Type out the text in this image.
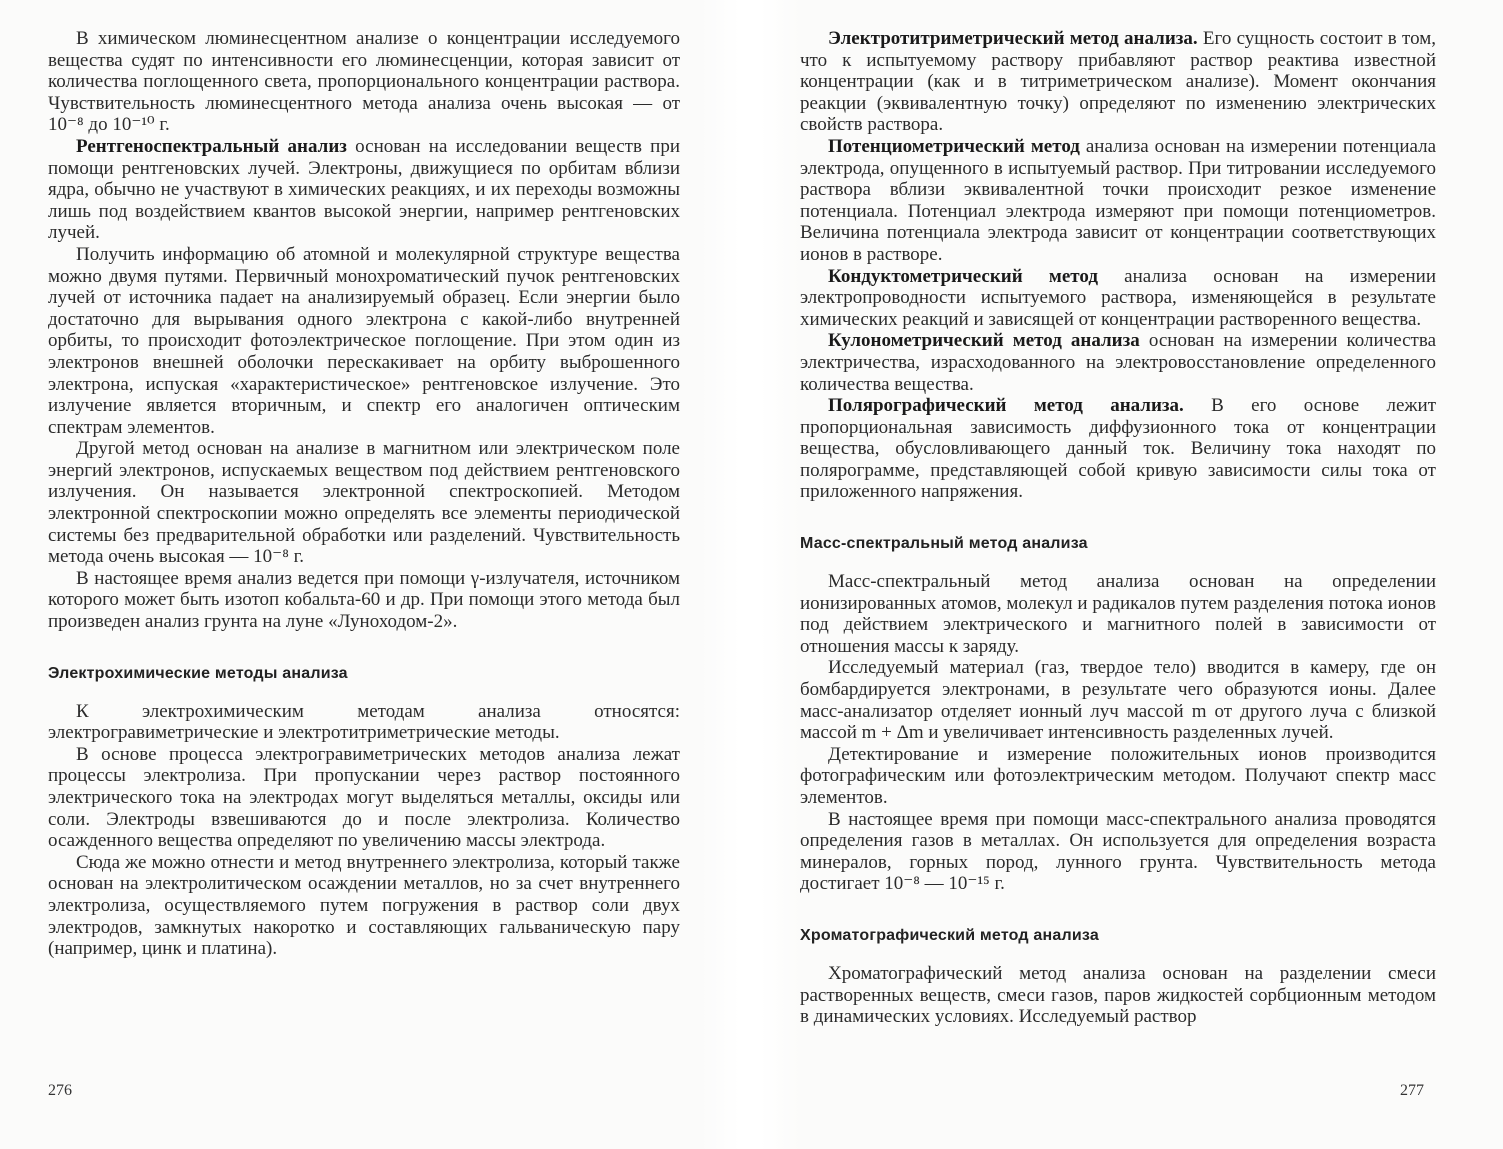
В химическом люминесцентном анализе о концентрации исследуемого вещества судят по интенсивности его люминесценции, которая зависит от количества поглощенного света, пропорционального концентрации раствора. Чувствительность люминесцентного метода анализа очень высокая — от 10⁻⁸ до 10⁻¹⁰ г.

Рентгеноспектральный анализ основан на исследовании веществ при помощи рентгеновских лучей. Электроны, движущиеся по орбитам вблизи ядра, обычно не участвуют в химических реакциях, и их переходы возможны лишь под воздействием квантов высокой энергии, например рентгеновских лучей.

Получить информацию об атомной и молекулярной структуре вещества можно двумя путями. Первичный монохроматический пучок рентгеновских лучей от источника падает на анализируемый образец. Если энергии было достаточно для вырывания одного электрона с какой-либо внутренней орбиты, то происходит фотоэлектрическое поглощение. При этом один из электронов внешней оболочки перескакивает на орбиту выброшенного электрона, испуская «характеристическое» рентгеновское излучение. Это излучение является вторичным, и спектр его аналогичен оптическим спектрам элементов.

Другой метод основан на анализе в магнитном или электрическом поле энергий электронов, испускаемых веществом под действием рентгеновского излучения. Он называется электронной спектроскопией. Методом электронной спектроскопии можно определять все элементы периодической системы без предварительной обработки или разделений. Чувствительность метода очень высокая — 10⁻⁸ г.

В настоящее время анализ ведется при помощи γ-излучателя, источником которого может быть изотоп кобальта-60 и др. При помощи этого метода был произведен анализ грунта на луне «Луноходом-2».

Электрохимические методы анализа

К электрохимическим методам анализа относятся: электрогравиметрические и электротитриметрические методы.

В основе процесса электрогравиметрических методов анализа лежат процессы электролиза. При пропускании через раствор постоянного электрического тока на электродах могут выделяться металлы, оксиды или соли. Электроды взвешиваются до и после электролиза. Количество осажденного вещества определяют по увеличению массы электрода.

Сюда же можно отнести и метод внутреннего электролиза, который также основан на электролитическом осаждении металлов, но за счет внутреннего электролиза, осуществляемого путем погружения в раствор соли двух электродов, замкнутых накоротко и составляющих гальваническую пару (например, цинк и платина).

Электротитриметрический метод анализа. Его сущность состоит в том, что к испытуемому раствору прибавляют раствор реактива известной концентрации (как и в титриметрическом анализе). Момент окончания реакции (эквивалентную точку) определяют по изменению электрических свойств раствора.

Потенциометрический метод анализа основан на измерении потенциала электрода, опущенного в испытуемый раствор. При титровании исследуемого раствора вблизи эквивалентной точки происходит резкое изменение потенциала. Потенциал электрода измеряют при помощи потенциометров. Величина потенциала электрода зависит от концентрации соответствующих ионов в растворе.

Кондуктометрический метод анализа основан на измерении электропроводности испытуемого раствора, изменяющейся в результате химических реакций и зависящей от концентрации растворенного вещества.

Кулонометрический метод анализа основан на измерении количества электричества, израсходованного на электровосстановление определенного количества вещества.

Полярографический метод анализа. В его основе лежит пропорциональная зависимость диффузионного тока от концентрации вещества, обусловливающего данный ток. Величину тока находят по полярограмме, представляющей собой кривую зависимости силы тока от приложенного напряжения.

Масс-спектральный метод анализа

Масс-спектральный метод анализа основан на определении ионизированных атомов, молекул и радикалов путем разделения потока ионов под действием электрического и магнитного полей в зависимости от отношения массы к заряду.

Исследуемый материал (газ, твердое тело) вводится в камеру, где он бомбардируется электронами, в результате чего образуются ионы. Далее масс-анализатор отделяет ионный луч массой m от другого луча с близкой массой m + Δm и увеличивает интенсивность разделенных лучей.

Детектирование и измерение положительных ионов производится фотографическим или фотоэлектрическим методом. Получают спектр масс элементов.

В настоящее время при помощи масс-спектрального анализа проводятся определения газов в металлах. Он используется для определения возраста минералов, горных пород, лунного грунта. Чувствительность метода достигает 10⁻⁸ — 10⁻¹⁵ г.

Хроматографический метод анализа

Хроматографический метод анализа основан на разделении смеси растворенных веществ, смеси газов, паров жидкостей сорбционным методом в динамических условиях. Исследуемый раствор

276	277
